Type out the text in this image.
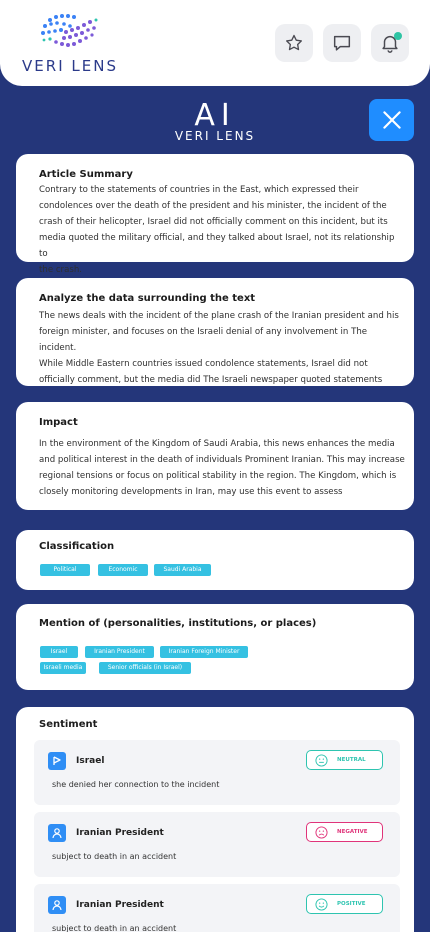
VERI LENS
AI
VERI LENS
Article Summary

Contrary to the statements of countries in the East, which expressed their
condolences over the death of the president and his minister, the incident of the
crash of their helicopter, Israel did not officially comment on this incident, but its
media quoted the military official, and they talked about Israel, not its relationship to
the crash.

Analyze the data surrounding the text

The news deals with the incident of the plane crash of the Iranian president and his
foreign minister, and focuses on the Israeli denial of any involvement in The incident.
While Middle Eastern countries issued condolence statements, Israel did not
officially comment, but the media did The Israeli newspaper quoted statements

Impact

In the environment of the Kingdom of Saudi Arabia, this news enhances the media
and political interest in the death of individuals Prominent Iranian. This may increase
regional tensions or focus on political stability in the region. The Kingdom, which is
closely monitoring developments in Iran, may use this event to assess

Classification
Political	Economic	Saudi Arabia
Mention of (personalities, institutions, or places)
Israel	Iranian President	Iranian Foreign Minister
Israeli media	Senior officials (in Israel)
Sentiment
Israel
she denied her connection to the incident
NEUTRAL
Iranian President
subject to death in an accident
NEGATIVE
Iranian President
subject to death in an accident
POSITIVE
